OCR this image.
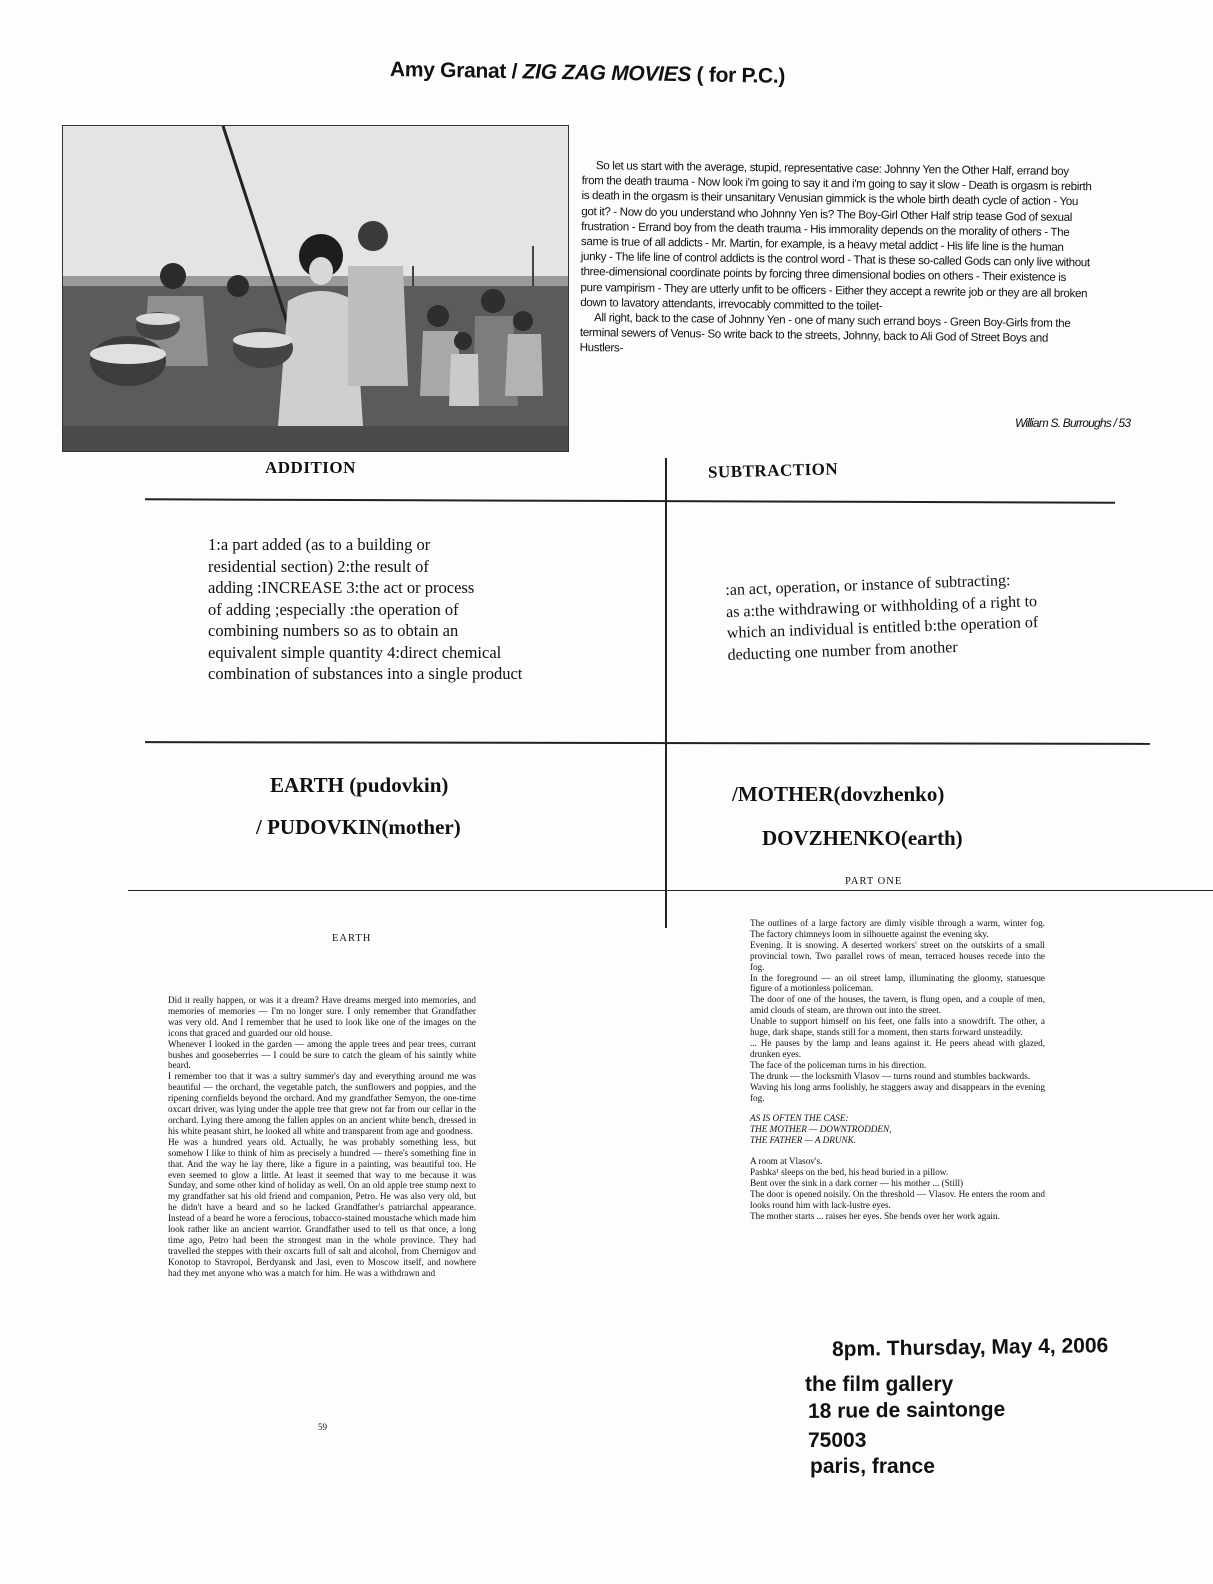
Amy Granat / ZIG ZAG MOVIES ( for P.C.)

So let us start with the average, stupid, representative case: Johnny Yen the Other Half, errand boy from the death trauma - Now look i'm going to say it and i'm going to say it slow - Death is orgasm is rebirth is death in the orgasm is their unsanitary Venusian gimmick is the whole birth death cycle of action - You got it? - Now do you understand who Johnny Yen is? The Boy-Girl Other Half strip tease God of sexual frustration - Errand boy from the death trauma - His immorality depends on the morality of others - The same is true of all addicts - Mr. Martin, for example, is a heavy metal addict - His life line is the human junky - The life line of control addicts is the control word - That is these so-called Gods can only live without three-dimensional coordinate points by forcing three dimensional bodies on others - Their existence is pure vampirism - They are utterly unfit to be officers - Either they accept a rewrite job or they are all broken down to lavatory attendants, irrevocably committed to the toilet-

All right, back to the case of Johnny Yen - one of many such errand boys - Green Boy-Girls from the terminal sewers of Venus- So write back to the streets, Johnny, back to Ali God of Street Boys and Hustlers-

William S. Burroughs / 53
ADDITION	SUBTRACTION
1:a part added (as to a building or
residential section) 2:the result of
adding :INCREASE 3:the act or process
of adding ;especially :the operation of
combining numbers so as to obtain an
equivalent simple quantity 4:direct chemical
combination of substances into a single product
:an act, operation, or instance of subtracting:
as a:the withdrawing or withholding of a right to
which an individual is entitled b:the operation of
deducting one number from another
EARTH (pudovkin)
/ PUDOVKIN(mother)
/MOTHER(dovzhenko)
DOVZHENKO(earth)
EARTH

Did it really happen, or was it a dream? Have dreams merged into memories, and memories of memories — I'm no longer sure. I only remember that Grandfather was very old. And I remember that he used to look like one of the images on the icons that graced and guarded our old house.

Whenever I looked in the garden — among the apple trees and pear trees, currant bushes and gooseberries — I could be sure to catch the gleam of his saintly white beard.

I remember too that it was a sultry summer's day and everything around me was beautiful — the orchard, the vegetable patch, the sunflowers and poppies, and the ripening cornfields beyond the orchard. And my grandfather Semyon, the one-time oxcart driver, was lying under the apple tree that grew not far from our cellar in the orchard. Lying there among the fallen apples on an ancient white bench, dressed in his white peasant shirt, he looked all white and transparent from age and goodness.

He was a hundred years old. Actually, he was probably something less, but somehow I like to think of him as precisely a hundred — there's something fine in that. And the way he lay there, like a figure in a painting, was beautiful too. He even seemed to glow a little. At least it seemed that way to me because it was Sunday, and some other kind of holiday as well. On an old apple tree stump next to my grandfather sat his old friend and companion, Petro. He was also very old, but he didn't have a beard and so he lacked Grandfather's patriarchal appearance. Instead of a beard he wore a ferocious, tobacco-stained moustache which made him look rather like an ancient warrior. Grandfather used to tell us that once, a long time ago, Petro had been the strongest man in the whole province. They had travelled the steppes with their oxcarts full of salt and alcohol, from Chernigov and Konotop to Stavropol, Berdyansk and Jasi, even to Moscow itself, and nowhere had they met anyone who was a match for him. He was a withdrawn and

59
PART ONE

The outlines of a large factory are dimly visible through a warm, winter fog. The factory chimneys loom in silhouette against the evening sky.

Evening. It is snowing. A deserted workers' street on the outskirts of a small provincial town. Two parallel rows of mean, terraced houses recede into the fog.

In the foreground — an oil street lamp, illuminating the gloomy, statuesque figure of a motionless policeman.

The door of one of the houses, the tavern, is flung open, and a couple of men, amid clouds of steam, are thrown out into the street.

Unable to support himself on his feet, one falls into a snowdrift. The other, a huge, dark shape, stands still for a moment, then starts forward unsteadily.

... He pauses by the lamp and leans against it. He peers ahead with glazed, drunken eyes.

The face of the policeman turns in his direction.

The drunk — the locksmith Vlasov — turns round and stumbles backwards.

Waving his long arms foolishly, he staggers away and disappears in the evening fog.

AS IS OFTEN THE CASE:

THE MOTHER — DOWNTRODDEN,

THE FATHER — A DRUNK.

A room at Vlasov's.

Pashka¹ sleeps on the bed, his head buried in a pillow.

Bent over the sink in a dark corner — his mother ... (Still)

The door is opened noisily. On the threshold — Vlasov. He enters the room and looks round him with lack-lustre eyes.

The mother starts ... raises her eyes. She bends over her work again.

8pm. Thursday, May 4, 2006
the film gallery
18 rue de saintonge
75003
paris, france
